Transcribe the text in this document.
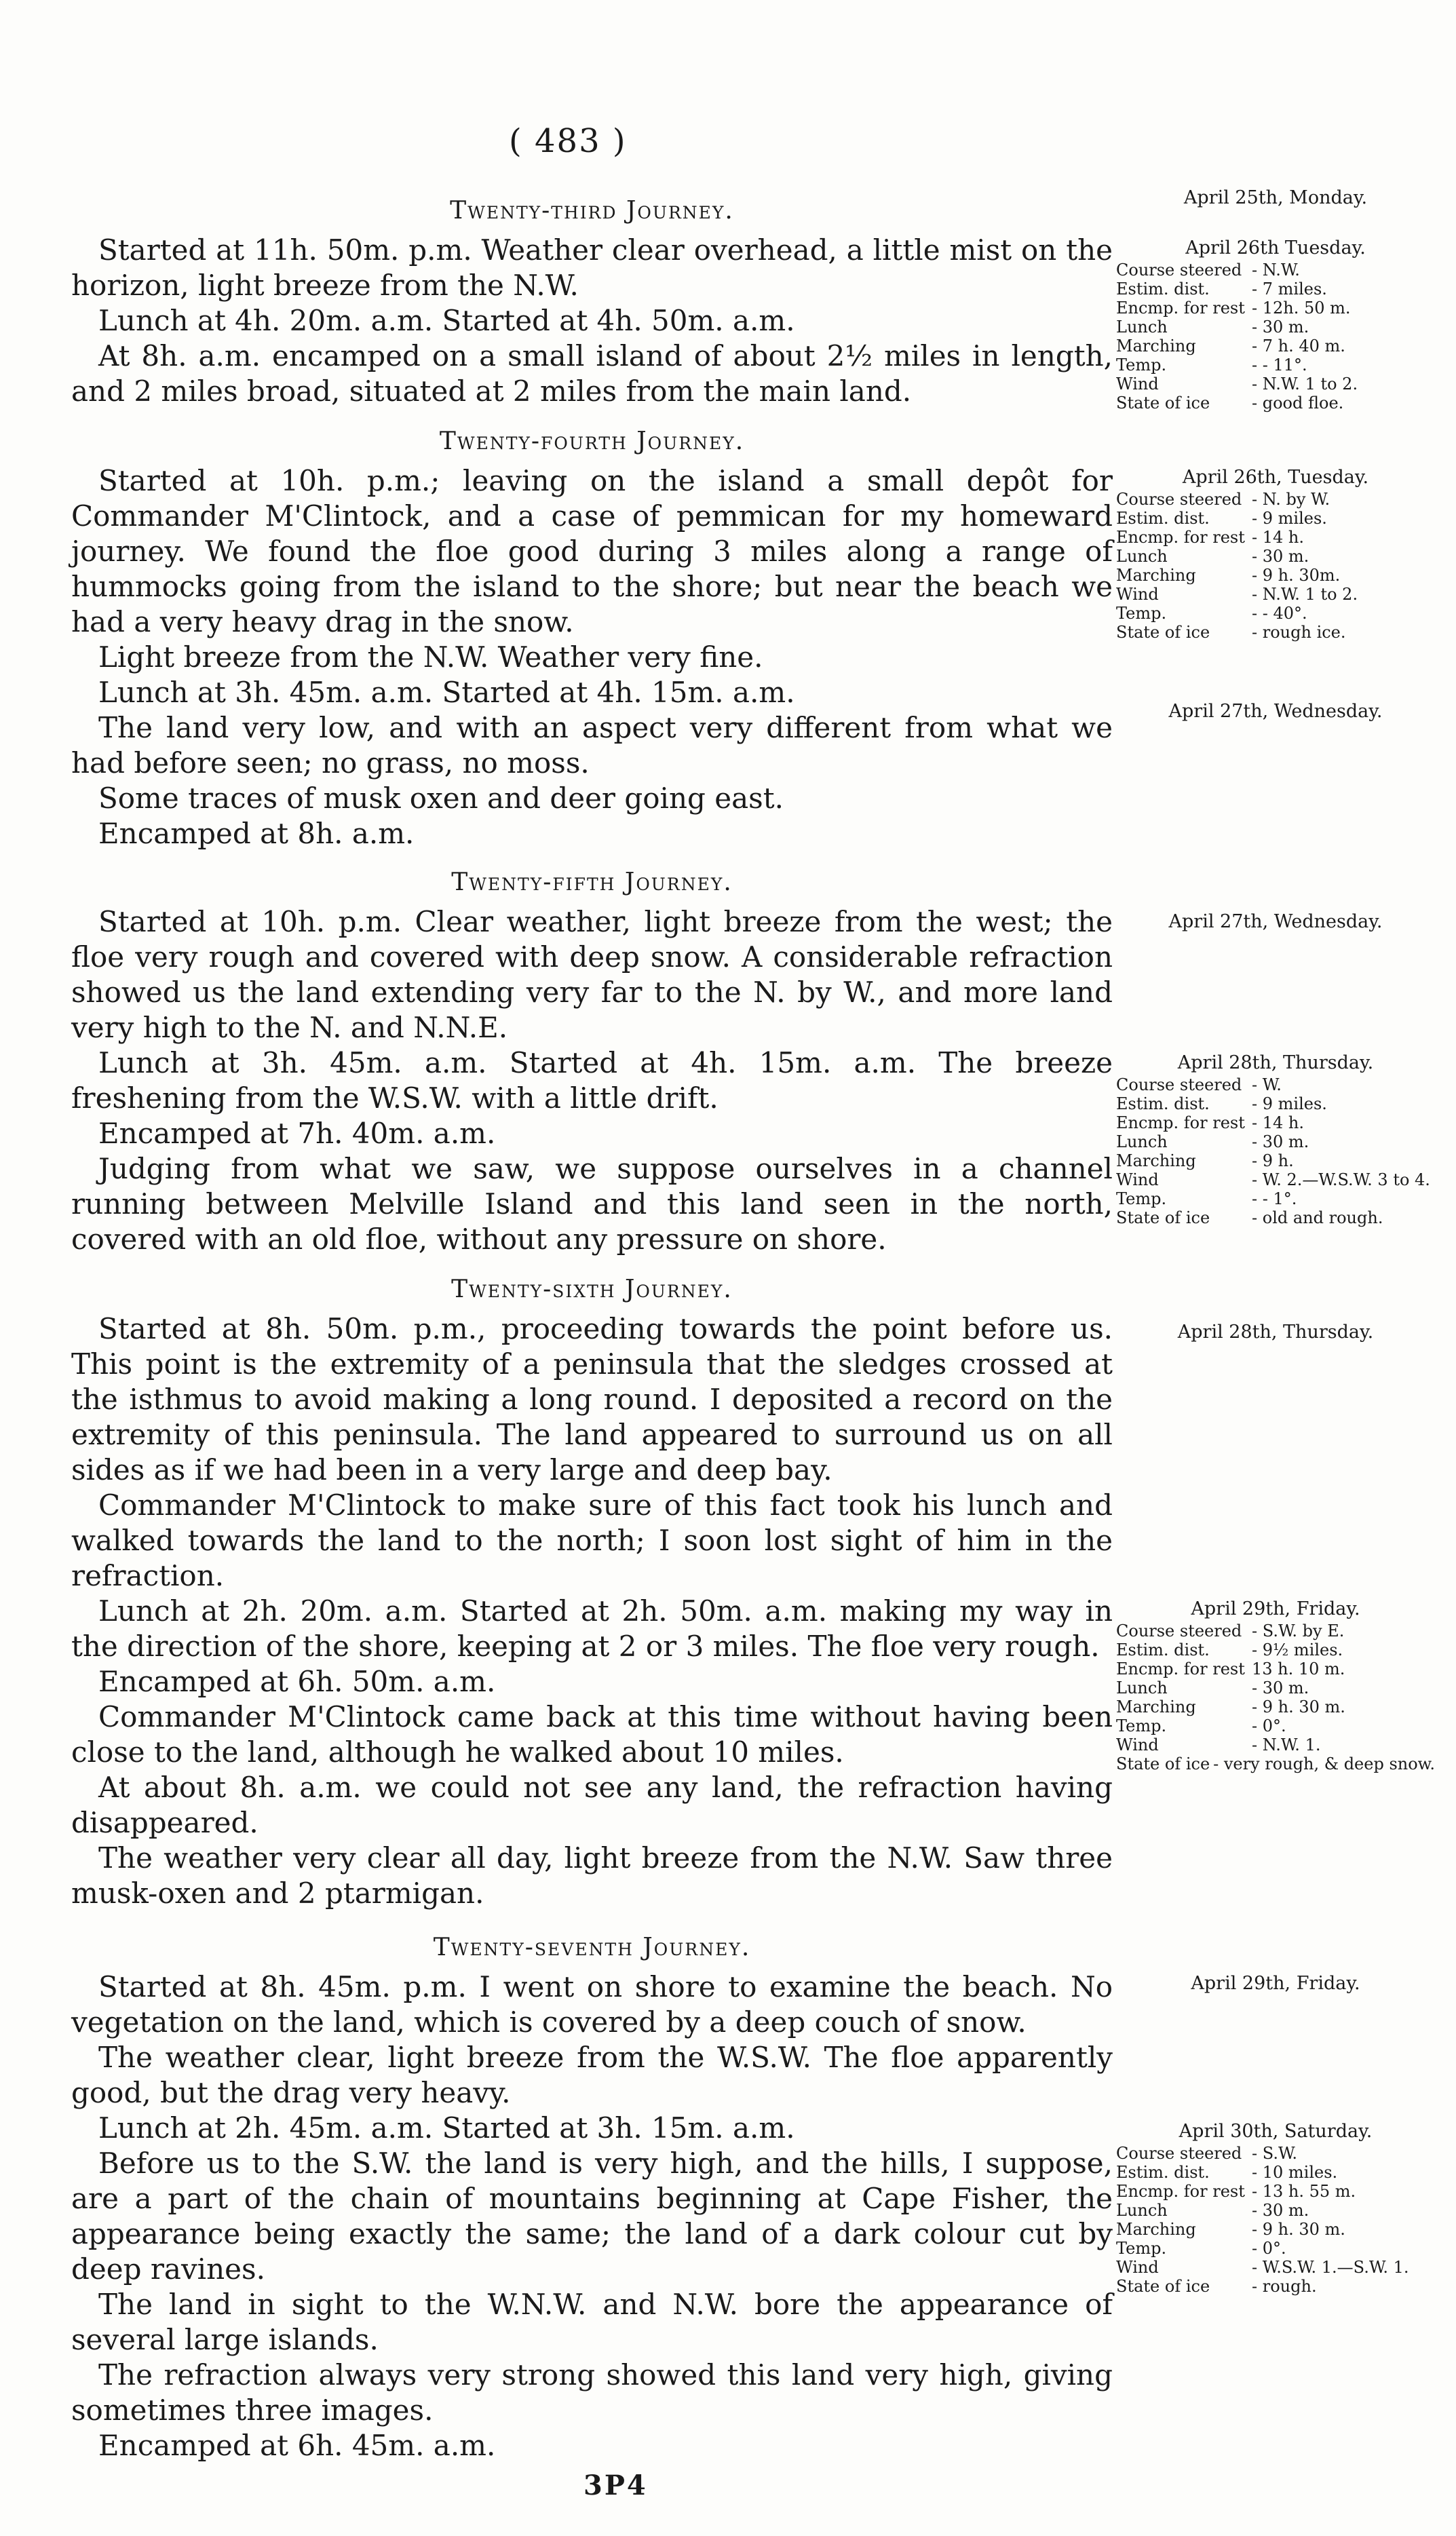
( 483 )
April 25th, Monday.

Twenty-third Journey.

Started at 11h. 50m. p.m. Weather clear overhead, a little mist on the horizon, light breeze from the N.W.

Lunch at 4h. 20m. a.m. Started at 4h. 50m. a.m.

At 8h. a.m. encamped on a small island of about 2½ miles in length, and 2 miles broad, situated at 2 miles from the main land.

April 26th Tuesday.
Course steered - N.W.
Estim. dist.	- 7 miles.
Encmp. for rest - 12h. 50 m.
Lunch	- 30 m.
Marching	- 7 h. 40 m.
Temp.	- - 11°.
Wind	- N.W. 1 to 2.
State of ice	- good floe.

Twenty-fourth Journey.

Started at 10h. p.m.; leaving on the island a small depôt for Commander M'Clintock, and a case of pemmican for my homeward journey. We found the floe good during 3 miles along a range of hummocks going from the island to the shore; but near the beach we had a very heavy drag in the snow.

Light breeze from the N.W. Weather very fine.

Lunch at 3h. 45m. a.m. Started at 4h. 15m. a.m.

The land very low, and with an aspect very different from what we had before seen; no grass, no moss.

Some traces of musk oxen and deer going east.

Encamped at 8h. a.m.

April 26th, Tuesday.
Course steered - N. by W.
Estim. dist.	- 9 miles.
Encmp. for rest - 14 h.
Lunch	- 30 m.
Marching	- 9 h. 30m.
Wind	- N.W. 1 to 2.
Temp.	- - 40°.
State of ice	- rough ice.
April 27th, Wednesday.

Twenty-fifth Journey.

Started at 10h. p.m. Clear weather, light breeze from the west; the floe very rough and covered with deep snow. A considerable refraction showed us the land extending very far to the N. by W., and more land very high to the N. and N.N.E.

Lunch at 3h. 45m. a.m. Started at 4h. 15m. a.m. The breeze freshening from the W.S.W. with a little drift.

Encamped at 7h. 40m. a.m.

Judging from what we saw, we suppose ourselves in a channel running between Melville Island and this land seen in the north, covered with an old floe, without any pressure on shore.

April 27th, Wednesday.
April 28th, Thursday.
Course steered - W.
Estim. dist.	- 9 miles.
Encmp. for rest - 14 h.
Lunch	- 30 m.
Marching	- 9 h.
Wind	- W. 2.—W.S.W. 3 to 4.
Temp.	- - 1°.
State of ice	- old and rough.

Twenty-sixth Journey.

Started at 8h. 50m. p.m., proceeding towards the point before us. This point is the extremity of a peninsula that the sledges crossed at the isthmus to avoid making a long round. I deposited a record on the extremity of this peninsula. The land appeared to surround us on all sides as if we had been in a very large and deep bay.

Commander M'Clintock to make sure of this fact took his lunch and walked towards the land to the north; I soon lost sight of him in the refraction.

Lunch at 2h. 20m. a.m. Started at 2h. 50m. a.m. making my way in the direction of the shore, keeping at 2 or 3 miles. The floe very rough.

Encamped at 6h. 50m. a.m.

Commander M'Clintock came back at this time without having been close to the land, although he walked about 10 miles.

At about 8h. a.m. we could not see any land, the refraction having disappeared.

The weather very clear all day, light breeze from the N.W. Saw three musk-oxen and 2 ptarmigan.

April 28th, Thursday.
April 29th, Friday.
Course steered - S.W. by E.
Estim. dist.	- 9½ miles.
Encmp. for rest 13 h. 10 m.
Lunch	- 30 m.
Marching	- 9 h. 30 m.
Temp.	- 0°.
Wind	- N.W. 1.
State of ice - very rough, & deep snow.

Twenty-seventh Journey.

Started at 8h. 45m. p.m. I went on shore to examine the beach. No vegetation on the land, which is covered by a deep couch of snow.

The weather clear, light breeze from the W.S.W. The floe apparently good, but the drag very heavy.

Lunch at 2h. 45m. a.m. Started at 3h. 15m. a.m.

Before us to the S.W. the land is very high, and the hills, I suppose, are a part of the chain of mountains beginning at Cape Fisher, the appearance being exactly the same; the land of a dark colour cut by deep ravines.

The land in sight to the W.N.W. and N.W. bore the appearance of several large islands.

The refraction always very strong showed this land very high, giving sometimes three images.

Encamped at 6h. 45m. a.m.

April 29th, Friday.
April 30th, Saturday.
Course steered - S.W.
Estim. dist.	- 10 miles.
Encmp. for rest - 13 h. 55 m.
Lunch	- 30 m.
Marching	- 9 h. 30 m.
Temp.	- 0°.
Wind	- W.S.W. 1.—S.W. 1.
State of ice	- rough.
3P4
